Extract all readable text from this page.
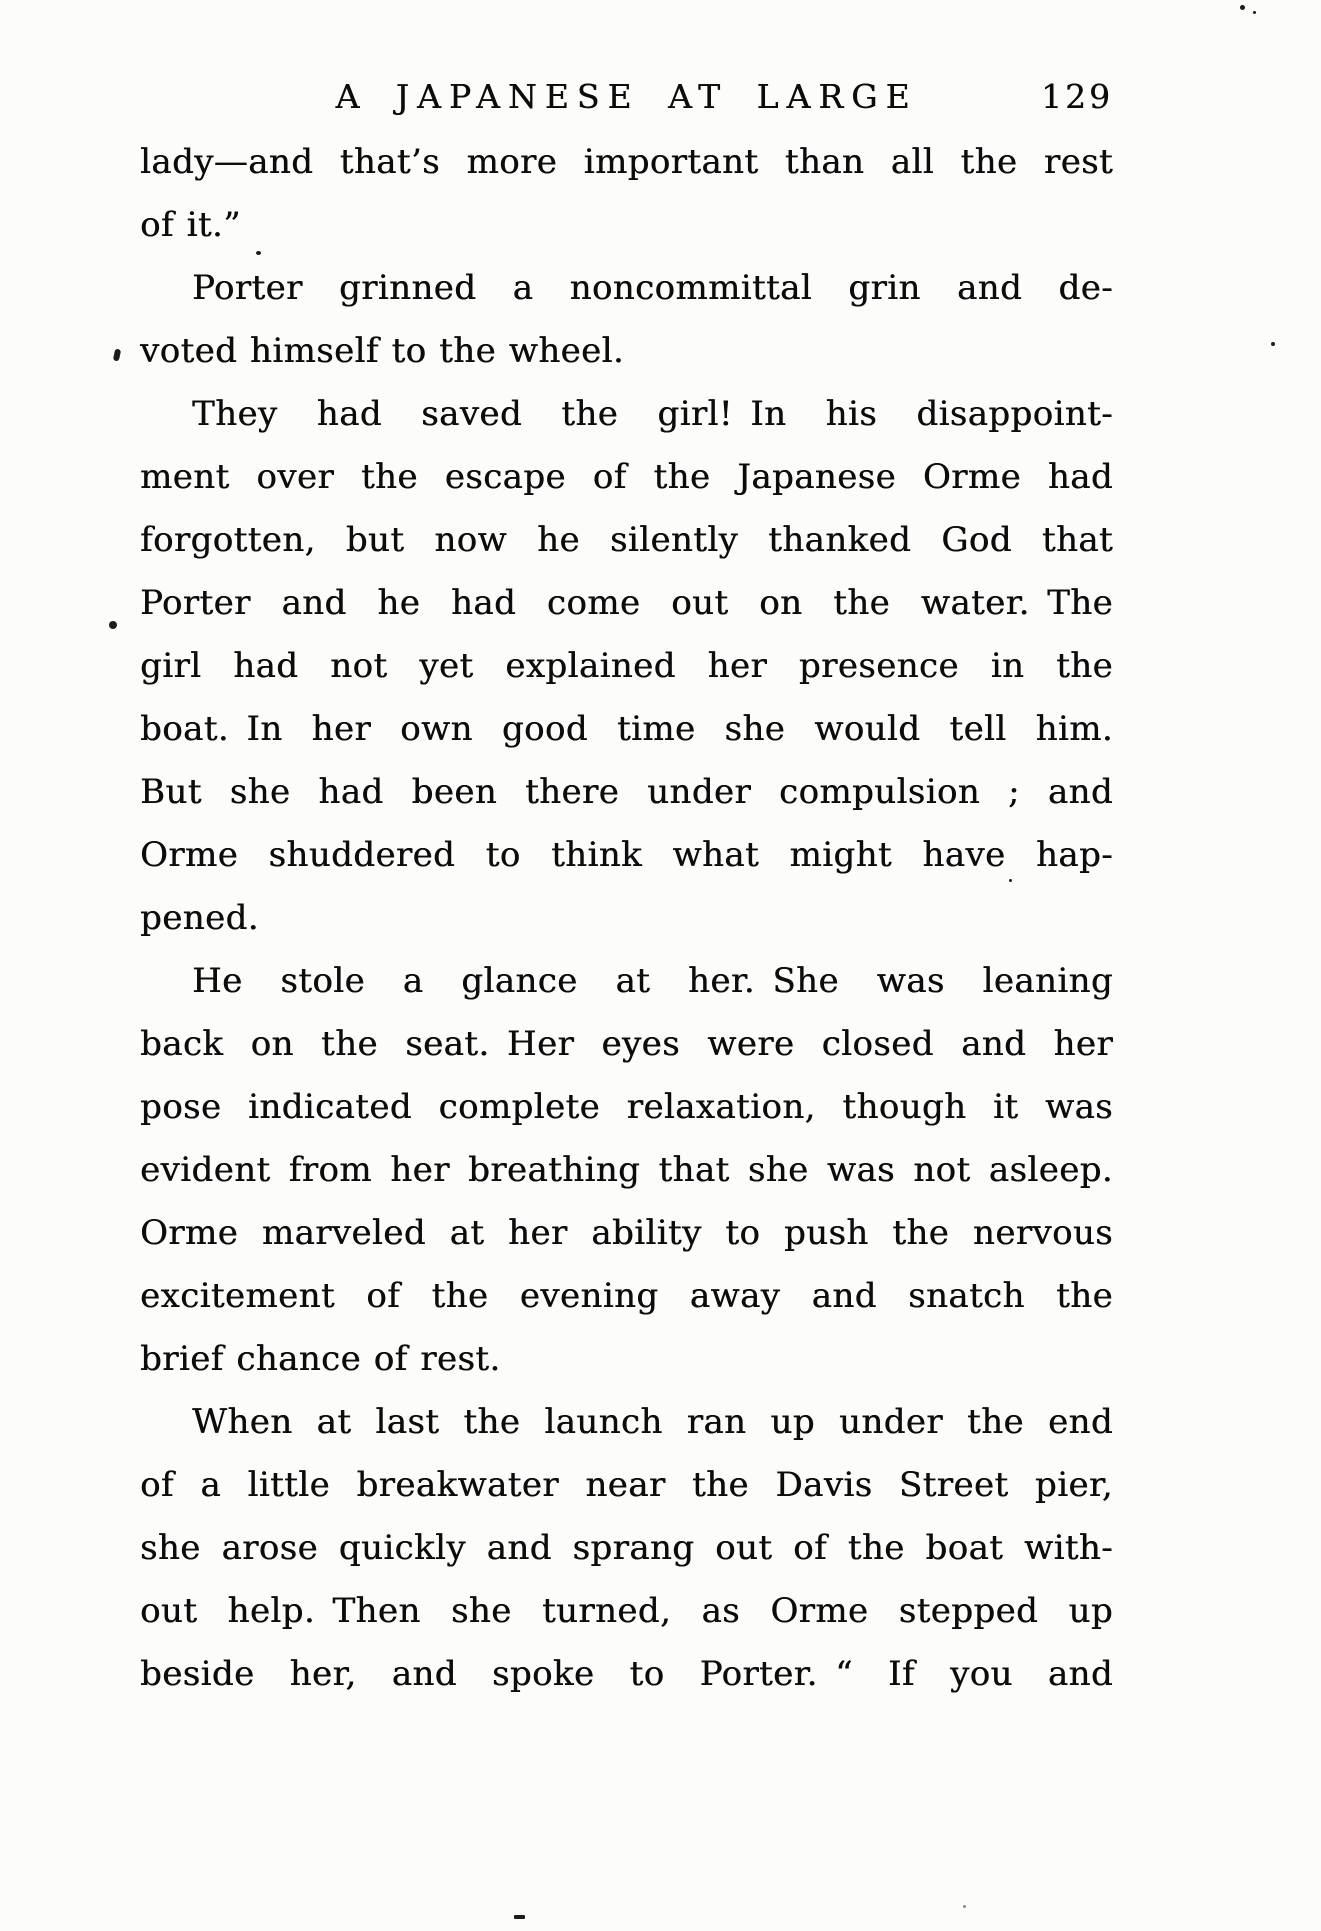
A JAPANESE AT LARGE	129
lady—and that’s more important than all the rest
of it.”
Porter grinned a noncommittal grin and de-
voted himself to the wheel.
They had saved the girl! In his disappoint-
ment over the escape of the Japanese Orme had
forgotten, but now he silently thanked God that
Porter and he had come out on the water. The
girl had not yet explained her presence in the
boat. In her own good time she would tell him.
But she had been there under compulsion ; and
Orme shuddered to think what might have hap-
pened.
He stole a glance at her. She was leaning
back on the seat. Her eyes were closed and her
pose indicated complete relaxation, though it was
evident from her breathing that she was not asleep.
Orme marveled at her ability to push the nervous
excitement of the evening away and snatch the
brief chance of rest.
When at last the launch ran up under the end
of a little breakwater near the Davis Street pier,
she arose quickly and sprang out of the boat with-
out help. Then she turned, as Orme stepped up
beside her, and spoke to Porter. “ If you and
